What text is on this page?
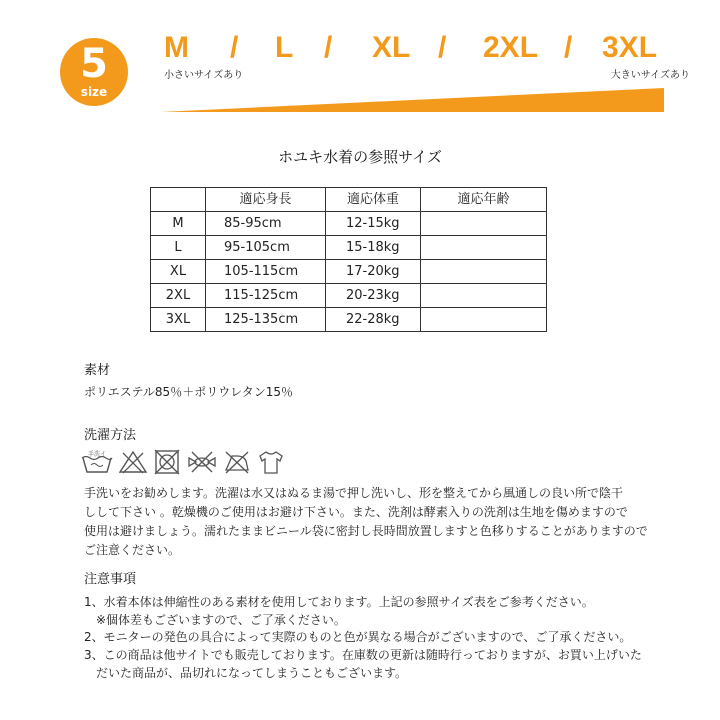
5
size
M / L / XL / 2XL / 3XL
小さいサイズあり	大きいサイズあり
ホユキ水着の参照サイズ
	適応身長	適応体重	適応年齢
M	85-95cm	12-15kg	
L	95-105cm	15-18kg	
XL	105-115cm	17-20kg	
2XL	115-125cm	20-23kg	
3XL	125-135cm	22-28kg	
素材
ポリエステル85％＋ポリウレタン15％
洗濯方法
手洗イ
手洗いをお勧めします。洗濯は水又はぬるま湯で押し洗いし、形を整えてから風通しの良い所で陰干
しして下さい 。乾燥機のご使用はお避け下さい。また、洗剤は酵素入りの洗剤は生地を傷めますので
使用は避けましょう。濡れたままビニール袋に密封し長時間放置しますと色移りすることがありますので
ご注意ください。
注意事項
1、水着本体は伸縮性のある素材を使用しております。上記の参照サイズ表をご参考ください。
　※個体差もございますので、ご了承ください。
2、モニターの発色の具合によって実際のものと色が異なる場合がございますので、ご了承ください。
3、この商品は他サイトでも販売しております。在庫数の更新は随時行っておりますが、お買い上げいた
　だいた商品が、品切れになってしまうこともございます。
